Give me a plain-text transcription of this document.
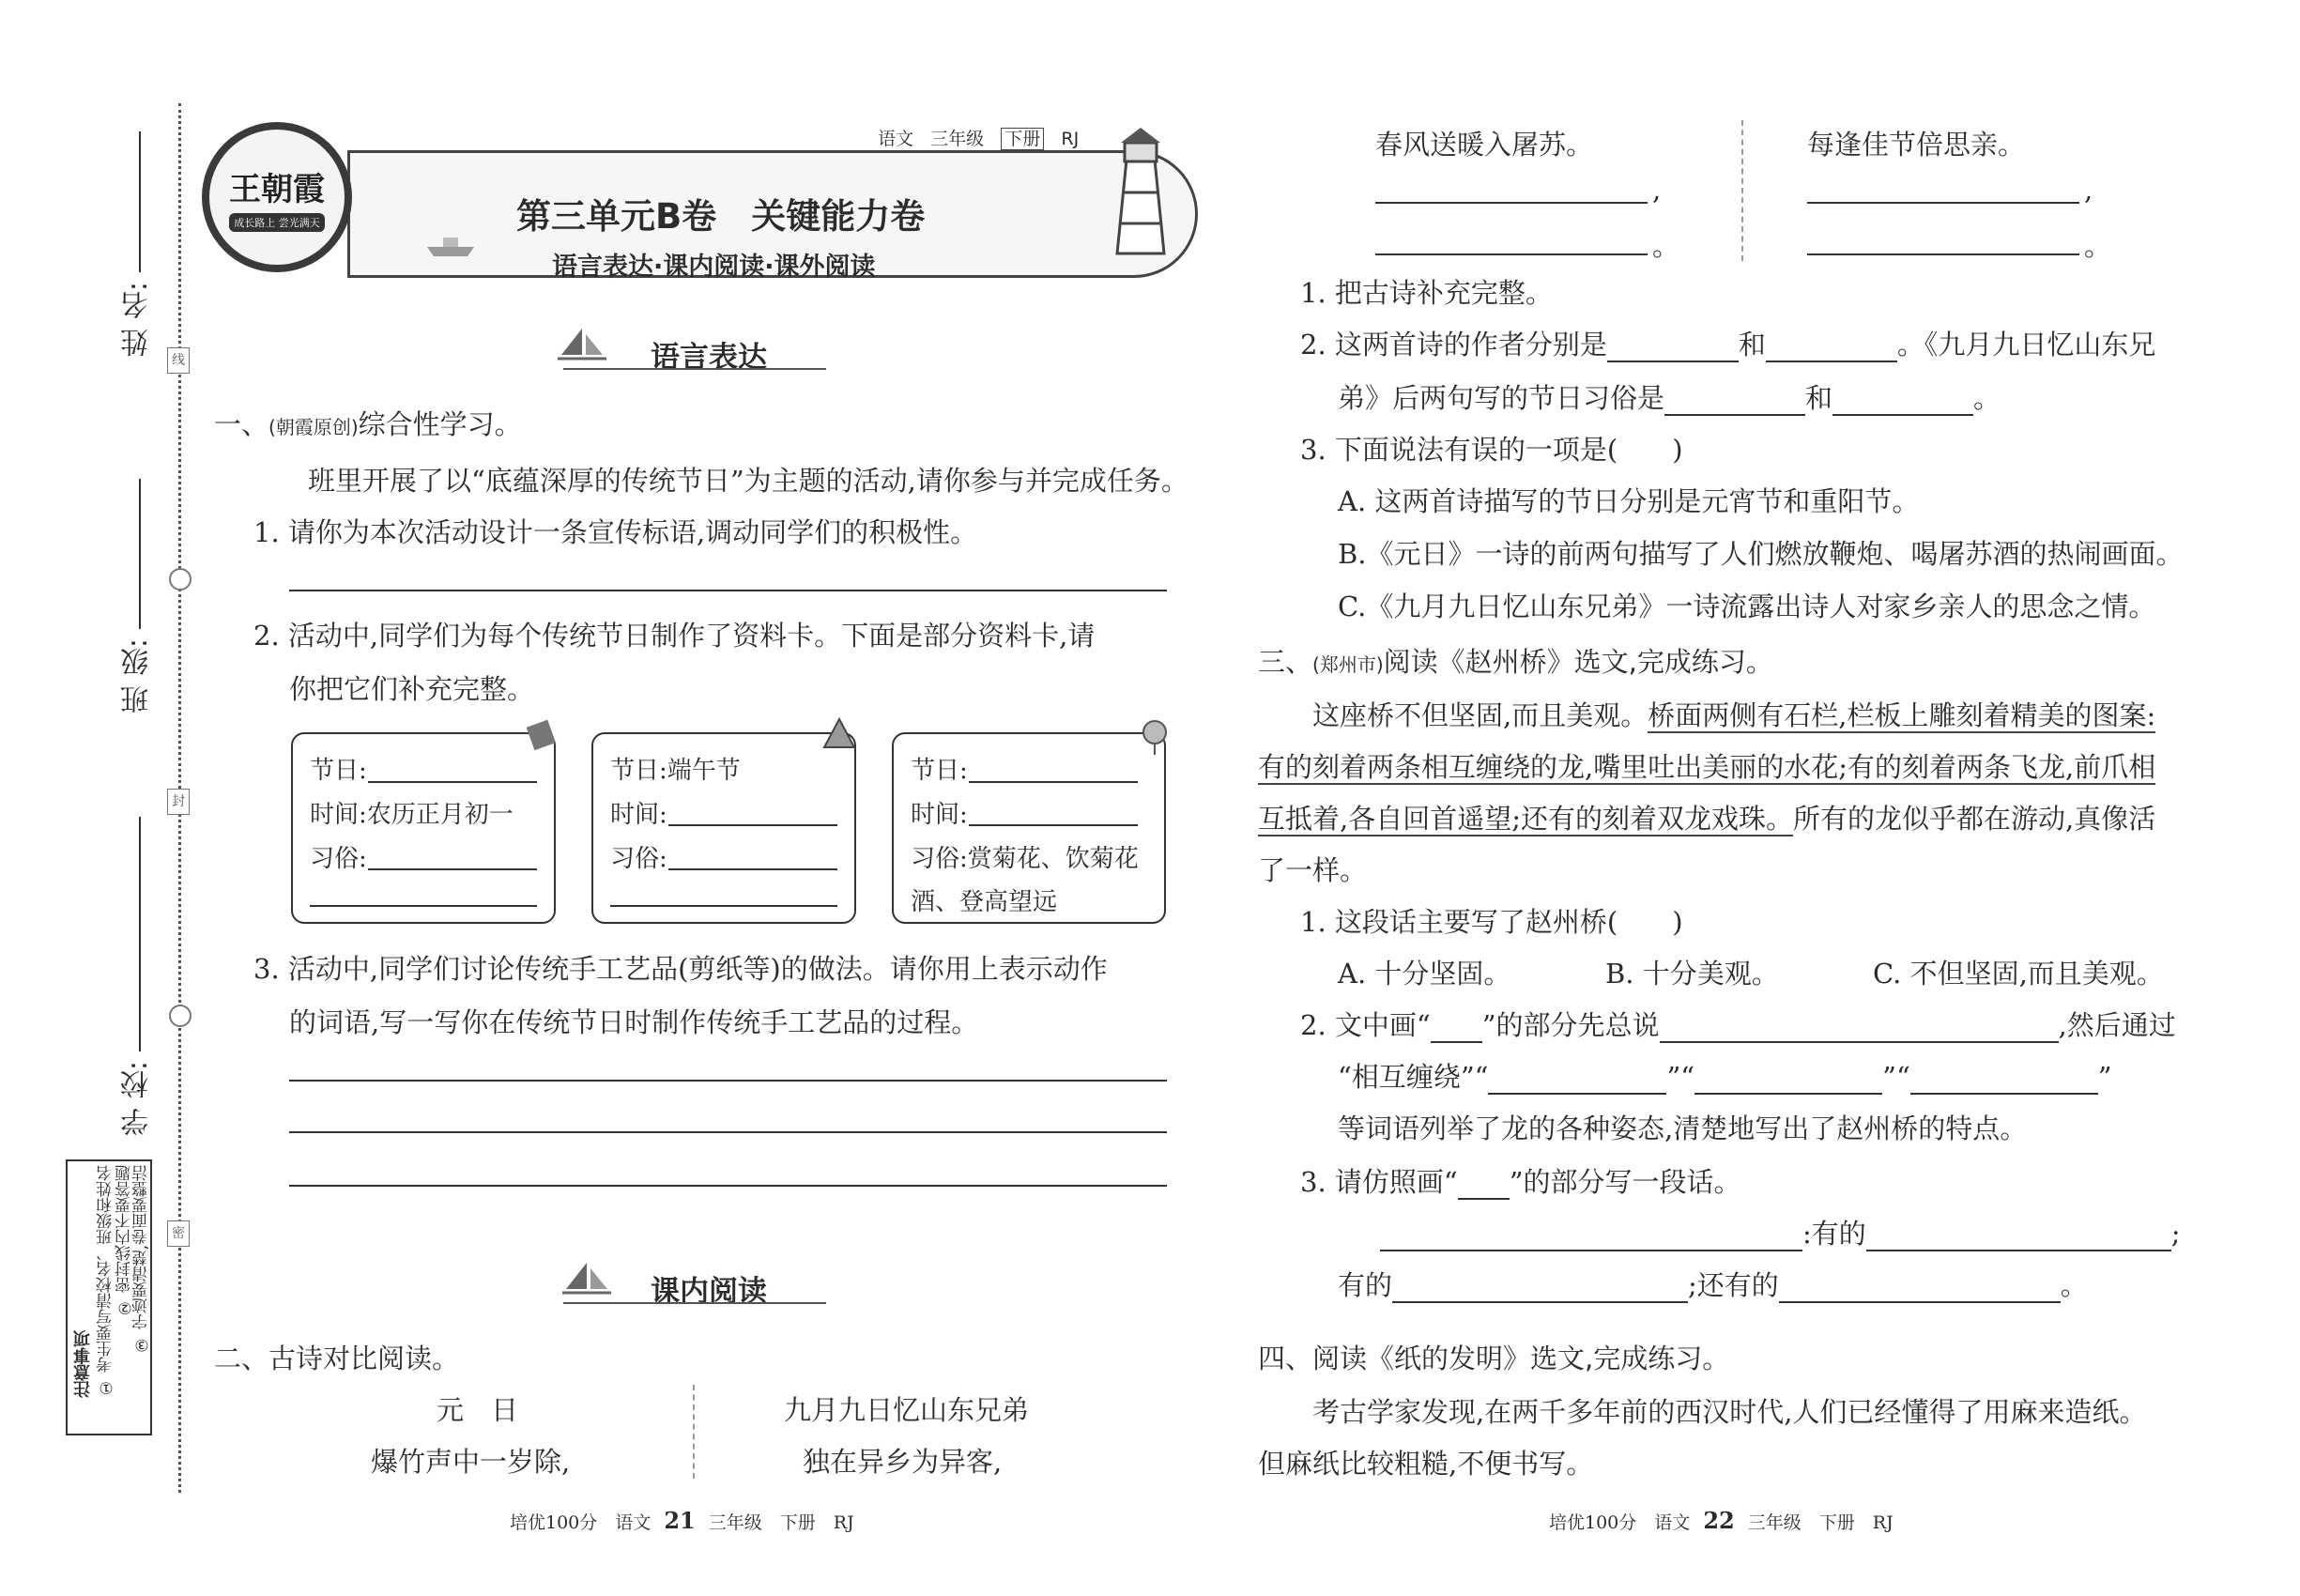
姓 名:
班 级:
学 校:
线
封
密
注意事项 ① 考生要写清校名、班级和姓名 ② 密封线内不要答题
③ 字迹要清楚,卷面要整洁
王朝霞
成长路上 尝光满天
语文 三年级 下册 RJ
第三单元B卷　关键能力卷
语言表达·课内阅读·课外阅读
语言表达
一、(朝霞原创)综合性学习。
班里开展了以“底蕴深厚的传统节日”为主题的活动,请你参与并完成任务。
1. 请你为本次活动设计一条宣传标语,调动同学们的积极性。
2. 活动中,同学们为每个传统节日制作了资料卡。下面是部分资料卡,请
你把它们补充完整。
节日:
时间:农历正月初一
习俗:
节日:端午节
时间:
习俗:
节日:
时间:
习俗:赏菊花、饮菊花
酒、登高望远
3. 活动中,同学们讨论传统手工艺品(剪纸等)的做法。请你用上表示动作
的词语,写一写你在传统节日时制作传统手工艺品的过程。
课内阅读
二、古诗对比阅读。
元　日
爆竹声中一岁除,
九月九日忆山东兄弟
独在异乡为异客,
培优100分　语文 21 三年级　下册　RJ
春风送暖入屠苏。	每逢佳节倍思亲。
,
。
,
。
1. 把古诗补充完整。
2. 这两首诗的作者分别是	和	。《九月九日忆山东兄
弟》后两句写的节日习俗是	和	。
3. 下面说法有误的一项是(　　)
A. 这两首诗描写的节日分别是元宵节和重阳节。
B.《元日》一诗的前两句描写了人们燃放鞭炮、喝屠苏酒的热闹画面。
C.《九月九日忆山东兄弟》一诗流露出诗人对家乡亲人的思念之情。
三、(郑州市)阅读《赵州桥》选文,完成练习。
这座桥不但坚固,而且美观。桥面两侧有石栏,栏板上雕刻着精美的图案:
有的刻着两条相互缠绕的龙,嘴里吐出美丽的水花;有的刻着两条飞龙,前爪相
互抵着,各自回首遥望;还有的刻着双龙戏珠。所有的龙似乎都在游动,真像活
了一样。
1. 这段话主要写了赵州桥(　　)
A. 十分坚固。	B. 十分美观。	C. 不但坚固,而且美观。
2. 文中画“ ”的部分先总说	,然后通过
“相互缠绕”“	”“	”“	”
等词语列举了龙的各种姿态,清楚地写出了赵州桥的特点。
3. 请仿照画“ ”的部分写一段话。
:有的	;
有的	;还有的	。
四、阅读《纸的发明》选文,完成练习。
考古学家发现,在两千多年前的西汉时代,人们已经懂得了用麻来造纸。
但麻纸比较粗糙,不便书写。
培优100分　语文 22 三年级　下册　RJ
